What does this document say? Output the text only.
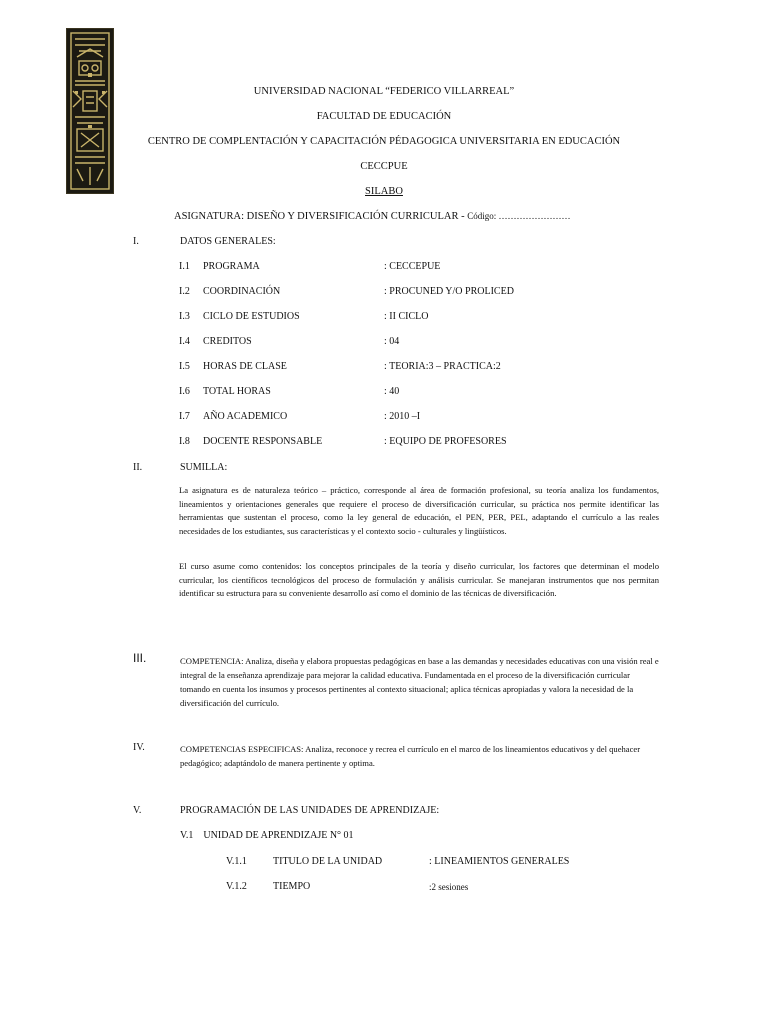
UNIVERSIDAD NACIONAL “FEDERICO VILLARREAL”
FACULTAD DE EDUCACIÓN
CENTRO DE COMPLENTACIÓN Y CAPACITACIÓN PÉDAGOGICA UNIVERSITARIA EN EDUCACIÓN
CECCPUE
SILABO
ASIGNATURA: DISEÑO Y DIVERSIFICACIÓN CURRICULAR - Código: ……………………
I.	DATOS GENERALES:
I.1 PROGRAMA	: CECCEPUE
I.2 COORDINACIÓN	: PROCUNED Y/O PROLICED
I.3 CICLO DE ESTUDIOS	: II CICLO
I.4 CREDITOS	: 04
I.5 HORAS DE CLASE	: TEORIA:3 – PRACTICA:2
I.6 TOTAL HORAS	: 40
I.7 AÑO ACADEMICO	: 2010 –I
I.8 DOCENTE RESPONSABLE	: EQUIPO DE PROFESORES
II.	SUMILLA:
La asignatura es de naturaleza teórico – práctico, corresponde al área de formación profesional, su teoría analiza los fundamentos, lineamientos y orientaciones generales que requiere el proceso de diversificación curricular, su práctica nos permite identificar las herramientas que sustentan el proceso, como la ley general de educación, el PEN, PER, PEL, adaptando el currículo a las reales necesidades de los estudiantes, sus características y el contexto socio - culturales y lingüísticos.
El curso asume como contenidos: los conceptos principales de la teoría y diseño curricular, los factores que determinan el modelo curricular, los científicos tecnológicos del proceso de formulación y análisis curricular. Se manejaran instrumentos que nos permitan identificar su estructura para su conveniente desarrollo así como el dominio de las técnicas de diversificación.
III.	COMPETENCIA: Analiza, diseña y elabora propuestas pedagógicas en base a las demandas y necesidades educativas con una visión real e integral de la enseñanza aprendizaje para mejorar la calidad educativa. Fundamentada en el proceso de la diversificación curricular tomando en cuenta los insumos y procesos pertinentes al contexto situacional; aplica técnicas apropiadas y valora la necesidad de la diversificación del currículo.
IV.	COMPETENCIAS ESPECIFICAS: Analiza, reconoce y recrea el currículo en el marco de los lineamientos educativos y del quehacer pedagógico; adaptándolo de manera pertinente y optima.
V.	PROGRAMACIÓN DE LAS UNIDADES DE APRENDIZAJE:
V.1    UNIDAD DE APRENDIZAJE N° 01
V.1.1	TITULO DE LA UNIDAD	: LINEAMIENTOS GENERALES
V.1.2	TIEMPO	:2 sesiones
